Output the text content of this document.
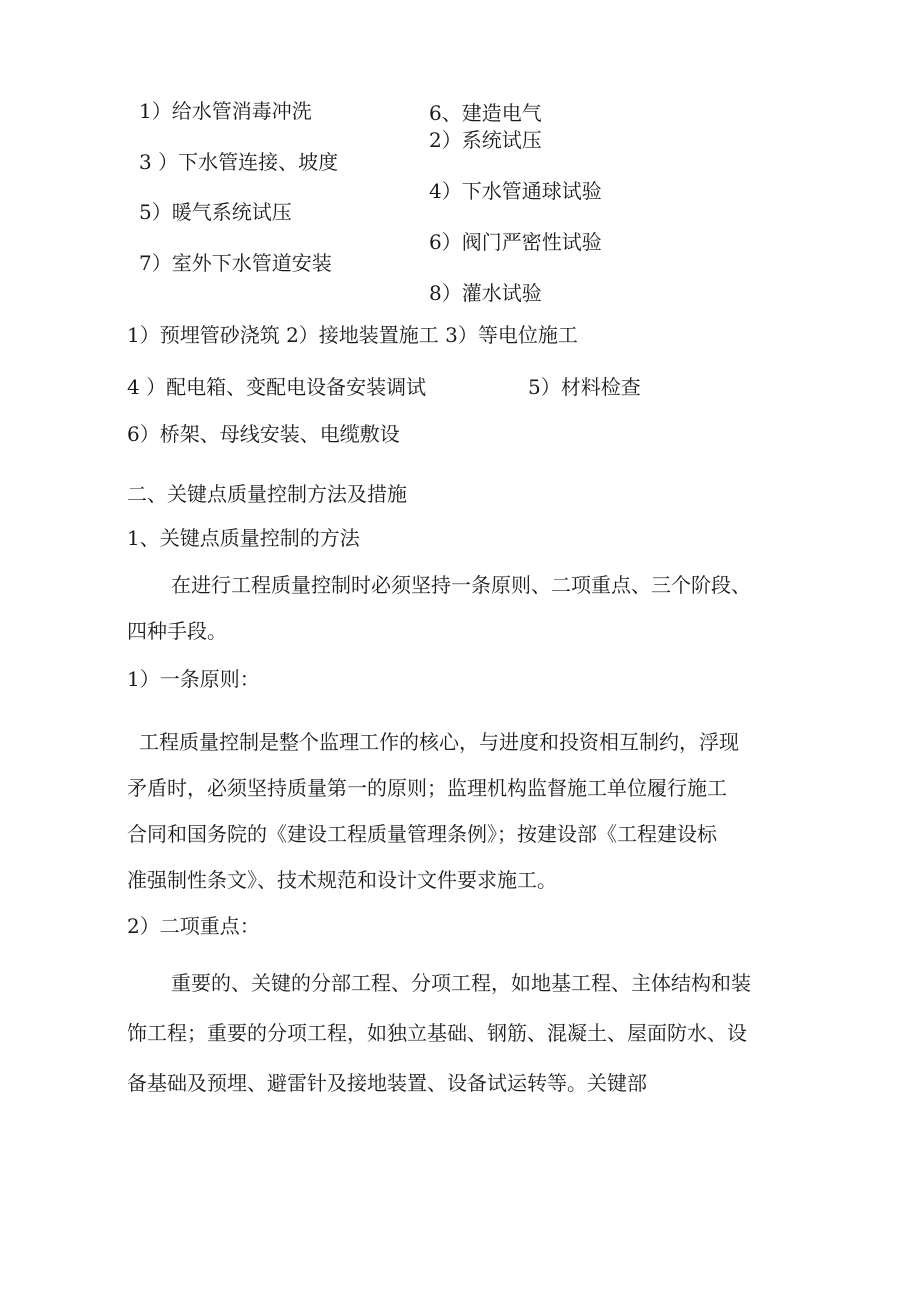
1）给水管消毒冲洗

3 ）下水管连接、坡度

5）暖气系统试压

7）室外下水管道安装

6、建造电气

2）系统试压

4）下水管通球试验

6）阀门严密性试验

8）灌水试验

1）预埋管砂浇筑 2）接地装置施工 3）等电位施工

4 ）配电箱、变配电设备安装调试	5）材料检查

6）桥架、母线安装、电缆敷设

二、关键点质量控制方法及措施

1、关键点质量控制的方法

在进行工程质量控制时必须坚持一条原则、二项重点、三个阶段、

四种手段。

1）一条原则：

工程质量控制是整个监理工作的核心，与进度和投资相互制约，浮现

矛盾时，必须坚持质量第一的原则；监理机构监督施工单位履行施工

合同和国务院的《建设工程质量管理条例》；按建设部《工程建设标

准强制性条文》、技术规范和设计文件要求施工。

2）二项重点：

重要的、关键的分部工程、分项工程，如地基工程、主体结构和装

饰工程；重要的分项工程，如独立基础、钢筋、混凝土、屋面防水、设

备基础及预埋、避雷针及接地装置、设备试运转等。关键部
